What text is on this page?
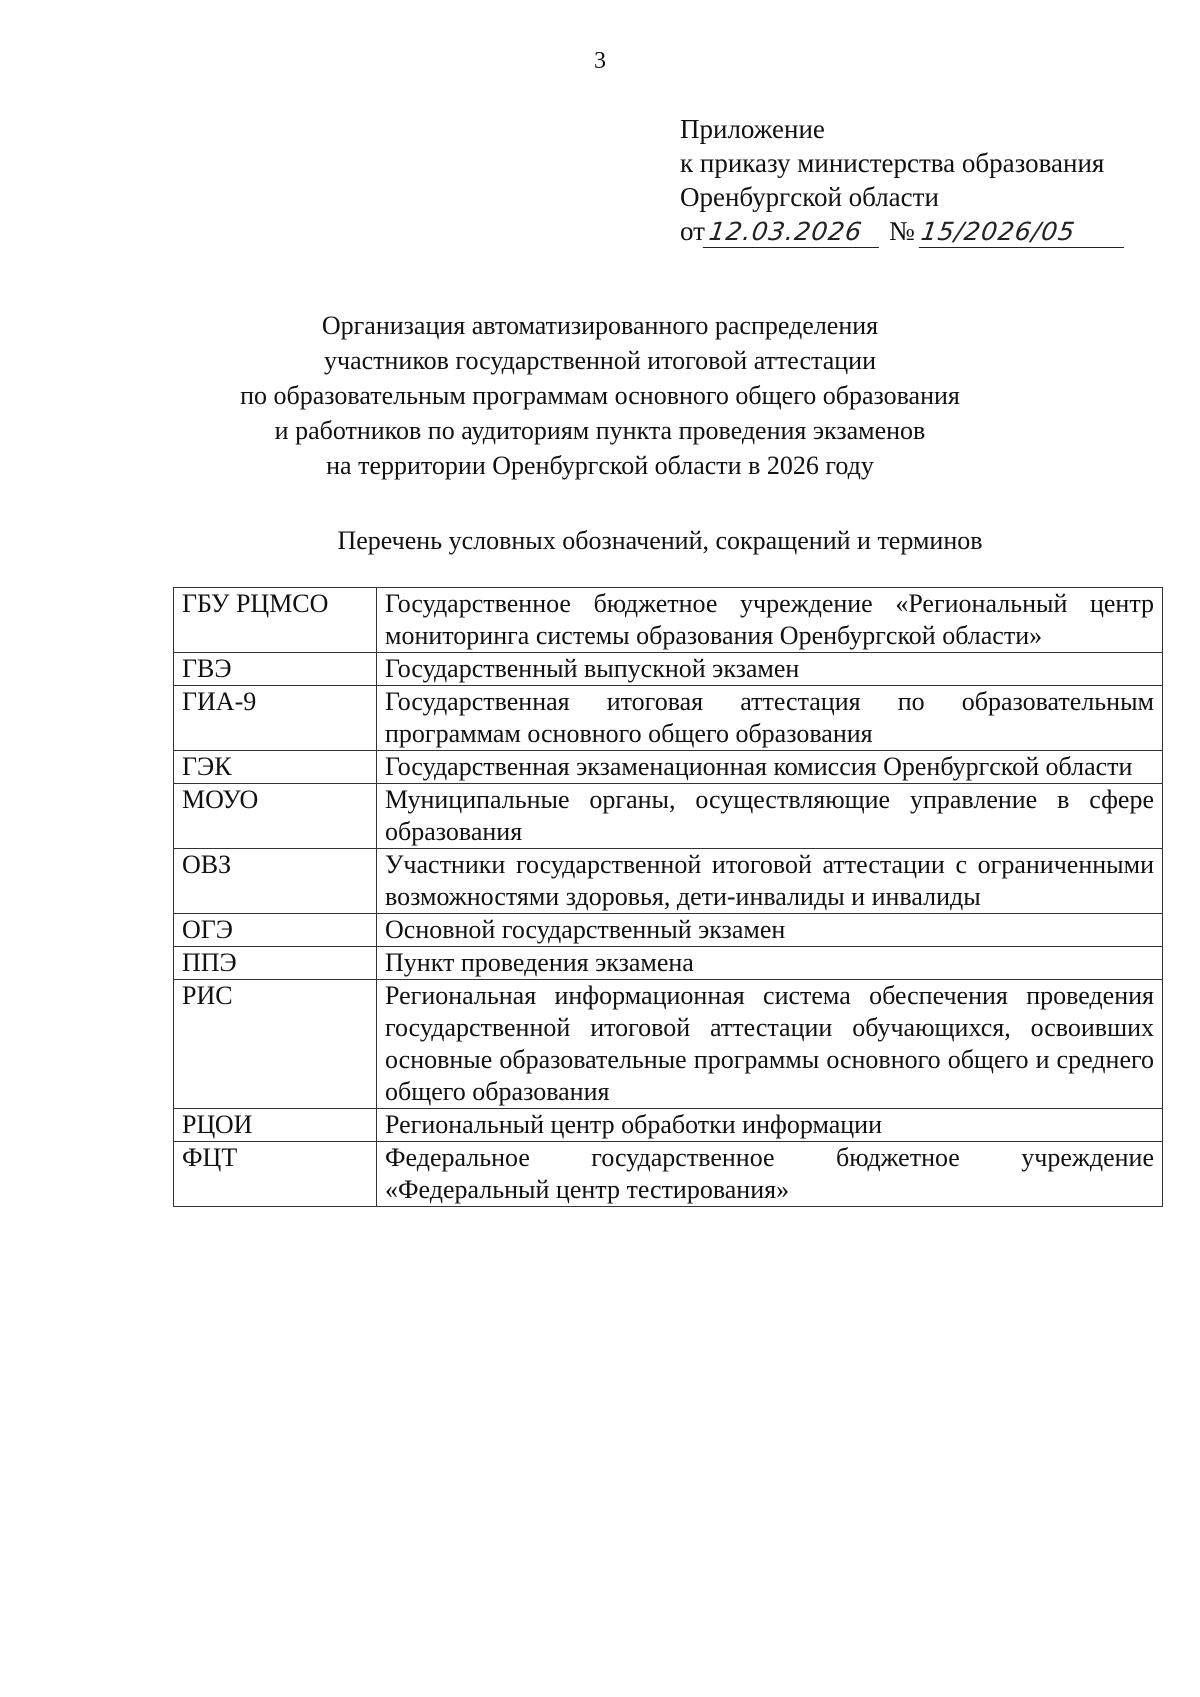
3
Приложение
к приказу министерства образования
Оренбургской области
от 12.03.2026 № 15/2026/05
Организация автоматизированного распределения
участников государственной итоговой аттестации
по образовательным программам основного общего образования
и работников по аудиториям пункта проведения экзаменов
на территории Оренбургской области в 2026 году
Перечень условных обозначений, сокращений и терминов
ГБУ РЦМСО	Государственное бюджетное учреждение «Региональный центр мониторинга системы образования Оренбургской области»
ГВЭ	Государственный выпускной экзамен
ГИА-9	Государственная итоговая аттестация по образовательным программам основного общего образования
ГЭК	Государственная экзаменационная комиссия Оренбургской области
МОУО	Муниципальные органы, осуществляющие управление в сфере образования
ОВЗ	Участники государственной итоговой аттестации с ограниченными возможностями здоровья, дети-инвалиды и инвалиды
ОГЭ	Основной государственный экзамен
ППЭ	Пункт проведения экзамена
РИС	Региональная информационная система обеспечения проведения государственной итоговой аттестации обучающихся, освоивших основные образовательные программы основного общего и среднего общего образования
РЦОИ	Региональный центр обработки информации
ФЦТ	Федеральное государственное бюджетное учреждение «Федеральный центр тестирования»
